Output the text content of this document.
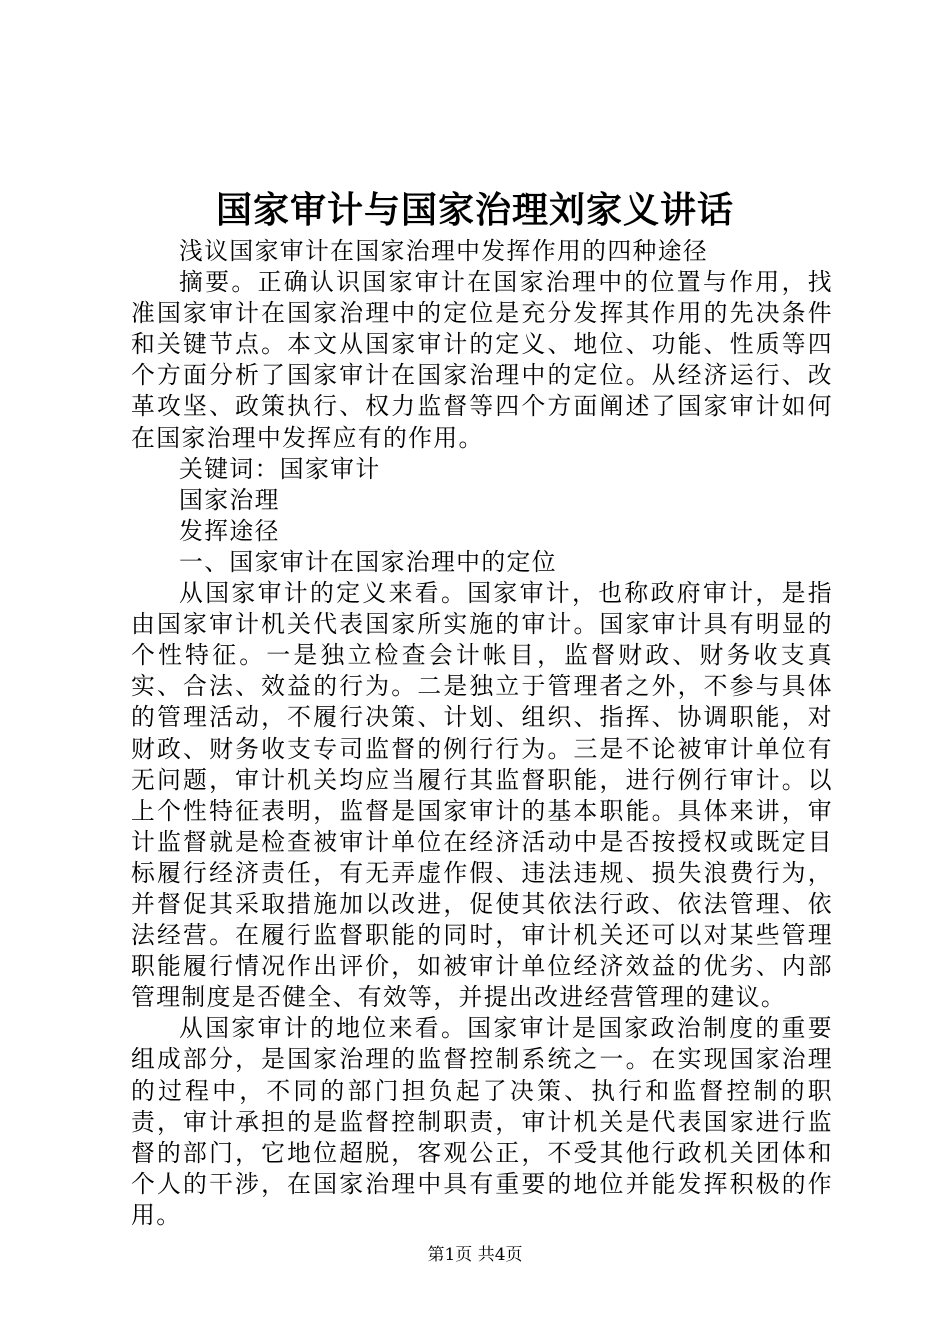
国家审计与国家治理刘家义讲话

浅议国家审计在国家治理中发挥作用的四种途径

摘要。正确认识国家审计在国家治理中的位置与作用，找准国家审计在国家治理中的定位是充分发挥其作用的先决条件和关键节点。本文从国家审计的定义、地位、功能、性质等四个方面分析了国家审计在国家治理中的定位。从经济运行、改革攻坚、政策执行、权力监督等四个方面阐述了国家审计如何在国家治理中发挥应有的作用。

关键词：国家审计

国家治理

发挥途径

一、国家审计在国家治理中的定位

从国家审计的定义来看。国家审计，也称政府审计，是指由国家审计机关代表国家所实施的审计。国家审计具有明显的个性特征。一是独立检查会计帐目，监督财政、财务收支真实、合法、效益的行为。二是独立于管理者之外，不参与具体的管理活动，不履行决策、计划、组织、指挥、协调职能，对财政、财务收支专司监督的例行行为。三是不论被审计单位有无问题，审计机关均应当履行其监督职能，进行例行审计。以上个性特征表明，监督是国家审计的基本职能。具体来讲，审计监督就是检查被审计单位在经济活动中是否按授权或既定目标履行经济责任，有无弄虚作假、违法违规、损失浪费行为，并督促其采取措施加以改进，促使其依法行政、依法管理、依法经营。在履行监督职能的同时，审计机关还可以对某些管理职能履行情况作出评价，如被审计单位经济效益的优劣、内部管理制度是否健全、有效等，并提出改进经营管理的建议。

从国家审计的地位来看。国家审计是国家政治制度的重要组成部分，是国家治理的监督控制系统之一。在实现国家治理的过程中，不同的部门担负起了决策、执行和监督控制的职责，审计承担的是监督控制职责，审计机关是代表国家进行监督的部门，它地位超脱，客观公正，不受其他行政机关团体和个人的干涉，在国家治理中具有重要的地位并能发挥积极的作用。

第1页 共4页
